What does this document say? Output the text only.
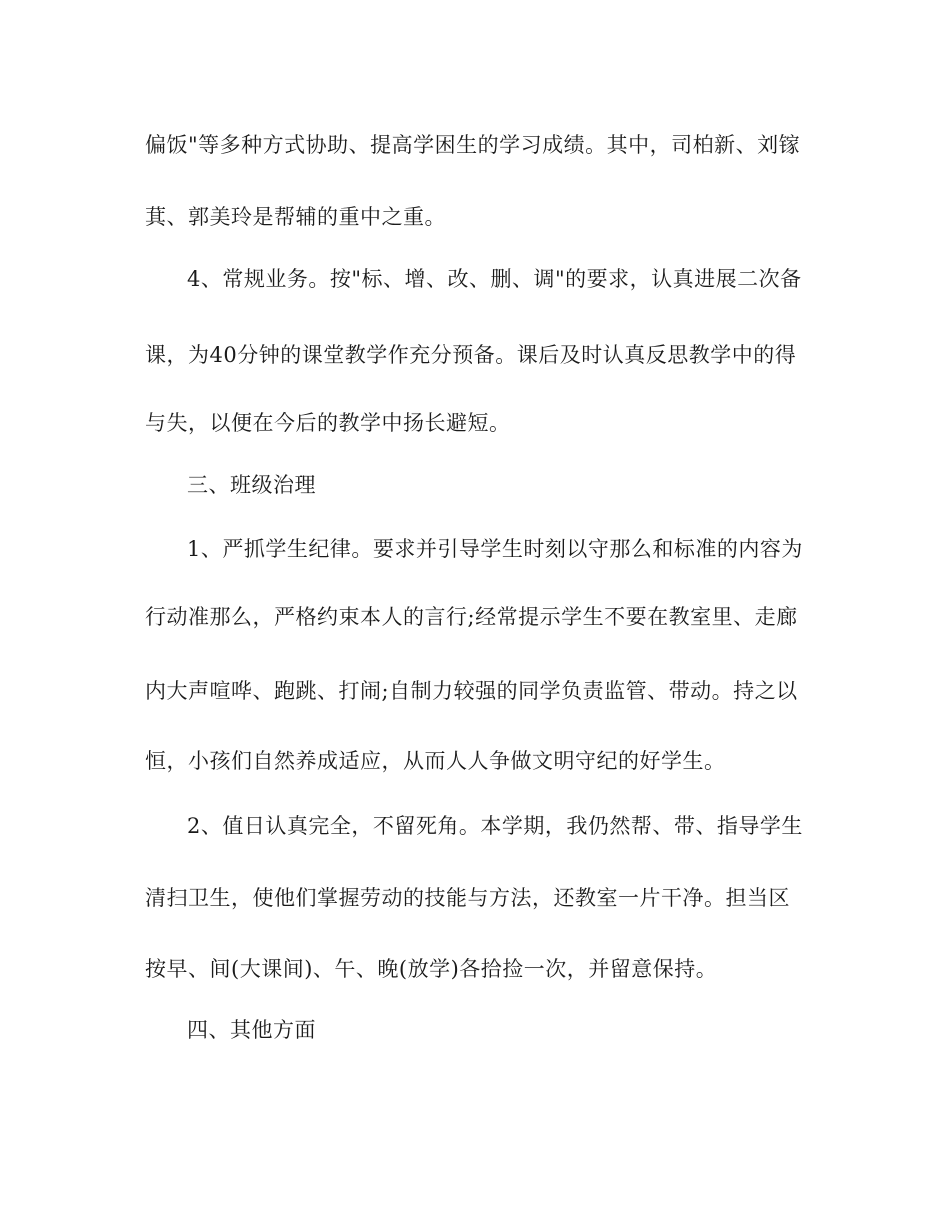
偏饭"等多种方式协助、提高学困生的学习成绩。其中，司柏新、刘镓
萁、郭美玲是帮辅的重中之重。
4、常规业务。按"标、增、改、删、调"的要求，认真进展二次备
课，为40分钟的课堂教学作充分预备。课后及时认真反思教学中的得
与失，以便在今后的教学中扬长避短。
三、班级治理
1、严抓学生纪律。要求并引导学生时刻以守那么和标准的内容为
行动准那么，严格约束本人的言行;经常提示学生不要在教室里、走廊
内大声喧哗、跑跳、打闹;自制力较强的同学负责监管、带动。持之以
恒，小孩们自然养成适应，从而人人争做文明守纪的好学生。
2、值日认真完全，不留死角。本学期，我仍然帮、带、指导学生
清扫卫生，使他们掌握劳动的技能与方法，还教室一片干净。担当区
按早、间(大课间)、午、晚(放学)各拾捡一次，并留意保持。
四、其他方面
